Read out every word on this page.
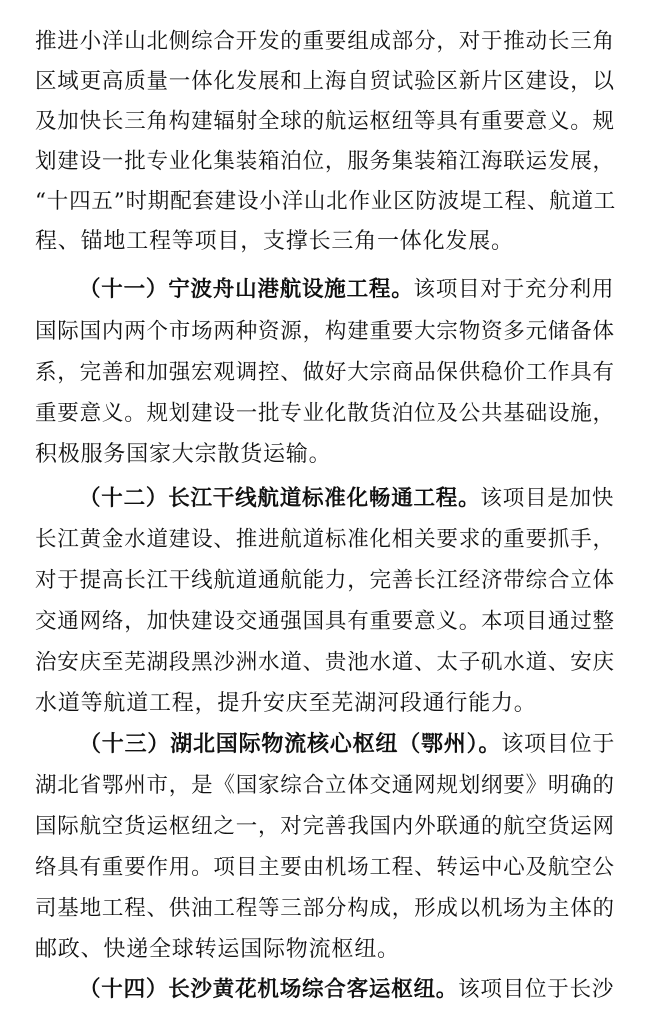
推进小洋山北侧综合开发的重要组成部分，对于推动长三角
区域更高质量一体化发展和上海自贸试验区新片区建设，以
及加快长三角构建辐射全球的航运枢纽等具有重要意义。规
划建设一批专业化集装箱泊位，服务集装箱江海联运发展，
“十四五”时期配套建设小洋山北作业区防波堤工程、航道工
程、锚地工程等项目，支撑长三角一体化发展。
（十一）宁波舟山港航设施工程。该项目对于充分利用
国际国内两个市场两种资源，构建重要大宗物资多元储备体
系，完善和加强宏观调控、做好大宗商品保供稳价工作具有
重要意义。规划建设一批专业化散货泊位及公共基础设施，
积极服务国家大宗散货运输。
（十二）长江干线航道标准化畅通工程。该项目是加快
长江黄金水道建设、推进航道标准化相关要求的重要抓手，
对于提高长江干线航道通航能力，完善长江经济带综合立体
交通网络，加快建设交通强国具有重要意义。本项目通过整
治安庆至芜湖段黑沙洲水道、贵池水道、太子矶水道、安庆
水道等航道工程，提升安庆至芜湖河段通行能力。
（十三）湖北国际物流核心枢纽（鄂州）。该项目位于
湖北省鄂州市，是《国家综合立体交通网规划纲要》明确的
国际航空货运枢纽之一，对完善我国内外联通的航空货运网
络具有重要作用。项目主要由机场工程、转运中心及航空公
司基地工程、供油工程等三部分构成，形成以机场为主体的
邮政、快递全球转运国际物流枢纽。
（十四）长沙黄花机场综合客运枢纽。该项目位于长沙
